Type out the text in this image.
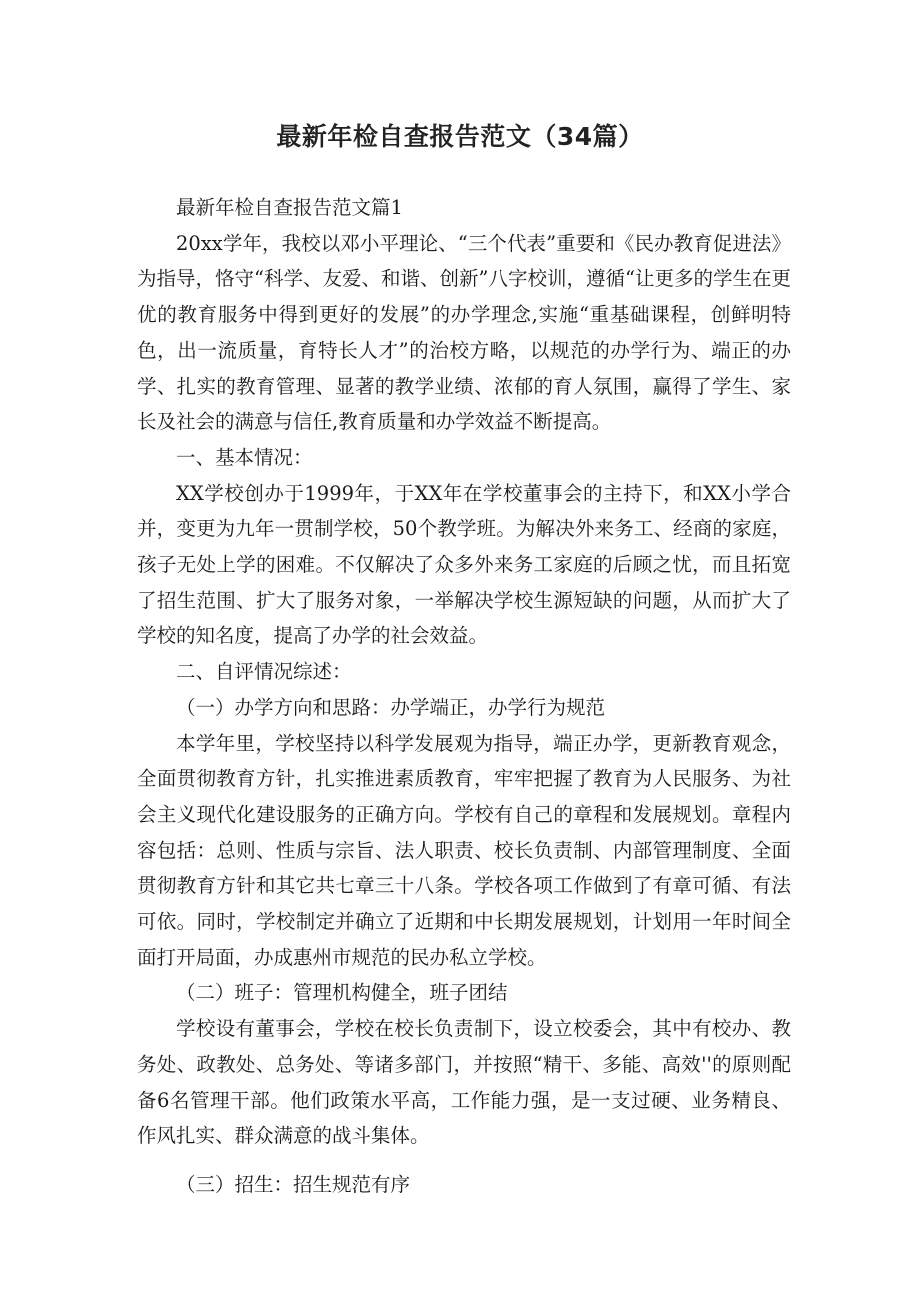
最新年检自查报告范文（34篇）

最新年检自查报告范文篇1

20xx学年，我校以邓小平理论、“三个代表”重要和《民办教育促进法》为指导，恪守“科学、友爱、和谐、创新”八字校训，遵循“让更多的学生在更优的教育服务中得到更好的发展”的办学理念,实施“重基础课程，创鲜明特色，出一流质量，育特长人才”的治校方略，以规范的办学行为、端正的办学、扎实的教育管理、显著的教学业绩、浓郁的育人氛围，赢得了学生、家长及社会的满意与信任,教育质量和办学效益不断提高。

一、基本情况：

XX学校创办于1999年，于XX年在学校董事会的主持下，和XX小学合并，变更为九年一贯制学校，50个教学班。为解决外来务工、经商的家庭，孩子无处上学的困难。不仅解决了众多外来务工家庭的后顾之忧，而且拓宽了招生范围、扩大了服务对象，一举解决学校生源短缺的问题，从而扩大了学校的知名度，提高了办学的社会效益。

二、自评情况综述：

（一）办学方向和思路：办学端正，办学行为规范

本学年里，学校坚持以科学发展观为指导，端正办学，更新教育观念，全面贯彻教育方针，扎实推进素质教育，牢牢把握了教育为人民服务、为社会主义现代化建设服务的正确方向。学校有自己的章程和发展规划。章程内容包括：总则、性质与宗旨、法人职责、校长负责制、内部管理制度、全面贯彻教育方针和其它共七章三十八条。学校各项工作做到了有章可循、有法可依。同时，学校制定并确立了近期和中长期发展规划，计划用一年时间全面打开局面，办成惠州市规范的民办私立学校。

（二）班子：管理机构健全，班子团结

学校设有董事会，学校在校长负责制下，设立校委会，其中有校办、教务处、政教处、总务处、等诸多部门，并按照“精干、多能、高效''的原则配备6名管理干部。他们政策水平高，工作能力强，是一支过硬、业务精良、作风扎实、群众满意的战斗集体。

（三）招生：招生规范有序
